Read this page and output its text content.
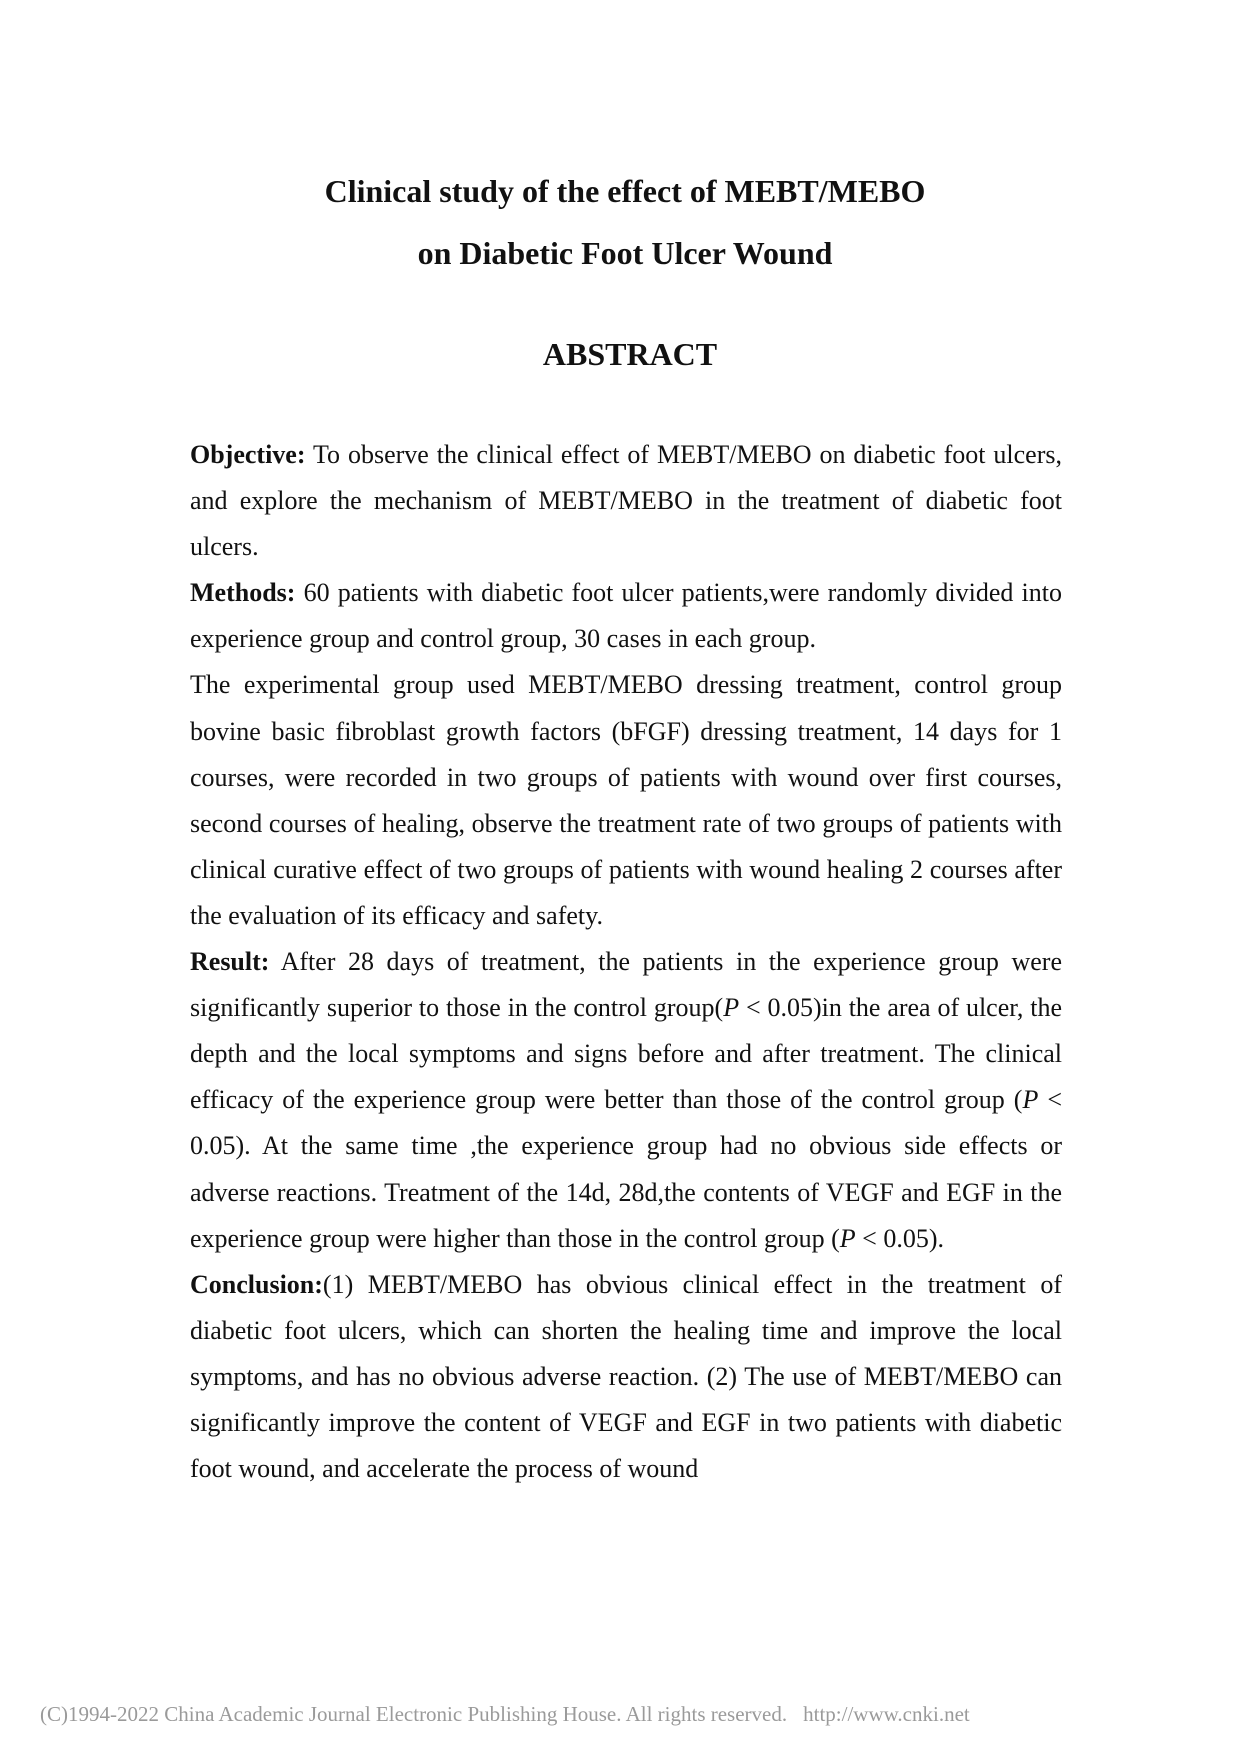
Clinical study of the effect of MEBT/MEBO
on Diabetic Foot Ulcer Wound
ABSTRACT

Objective: To observe the clinical effect of MEBT/MEBO on diabetic foot ulcers, and explore the mechanism of MEBT/MEBO in the treatment of diabetic foot ulcers.

Methods: 60 patients with diabetic foot ulcer patients,were randomly divided into experience group and control group, 30 cases in each group.

The experimental group used MEBT/MEBO dressing treatment, control group bovine basic fibroblast growth factors (bFGF) dressing treatment, 14 days for 1 courses, were recorded in two groups of patients with wound over first courses, second courses of healing, observe the treatment rate of two groups of patients with clinical curative effect of two groups of patients with wound healing 2 courses after the evaluation of its efficacy and safety.

Result: After 28 days of treatment, the patients in the experience group were significantly superior to those in the control group(P < 0.05)in the area of ulcer, the depth and the local symptoms and signs before and after treatment. The clinical efficacy of the experience group were better than those of the control group (P < 0.05). At the same time ,the experience group had no obvious side effects or adverse reactions. Treatment of the 14d, 28d,the contents of VEGF and EGF in the experience group were higher than those in the control group (P < 0.05).

Conclusion:(1) MEBT/MEBO has obvious clinical effect in the treatment of diabetic foot ulcers, which can shorten the healing time and improve the local symptoms, and has no obvious adverse reaction. (2) The use of MEBT/MEBO can significantly improve the content of VEGF and EGF in two patients with diabetic foot wound, and accelerate the process of wound

(C)1994-2022 China Academic Journal Electronic Publishing House. All rights reserved. http://www.cnki.net
